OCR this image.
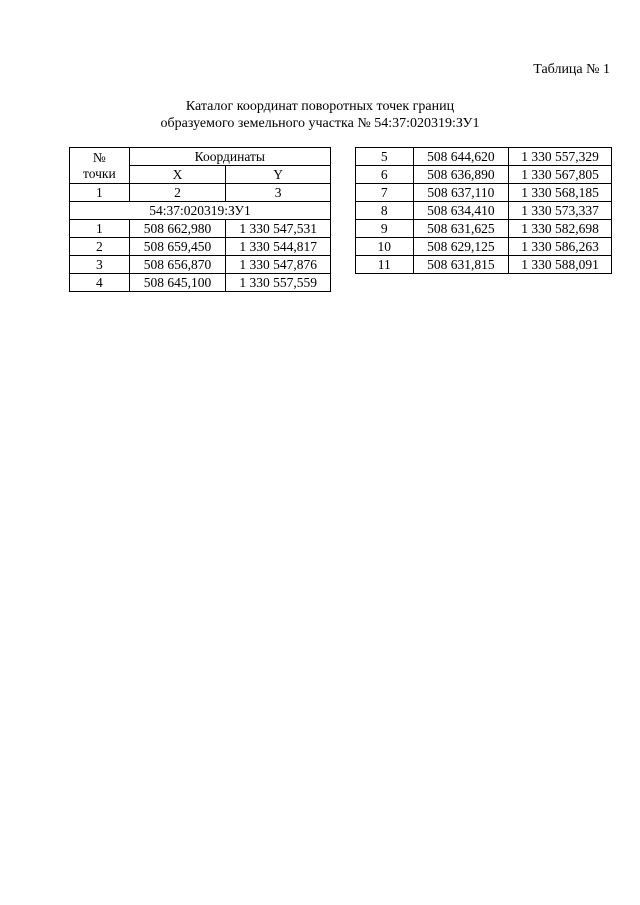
Таблица № 1
Каталог координат поворотных точек границ
образуемого земельного участка № 54:37:020319:ЗУ1
№
точки	Координаты	
	X	Y
1	2	3
54:37:020319:ЗУ1		
1	508 662,980	1 330 547,531
2	508 659,450	1 330 544,817
3	508 656,870	1 330 547,876
4	508 645,100	1 330 557,559
5	508 644,620	1 330 557,329
6	508 636,890	1 330 567,805
7	508 637,110	1 330 568,185
8	508 634,410	1 330 573,337
9	508 631,625	1 330 582,698
10	508 629,125	1 330 586,263
11	508 631,815	1 330 588,091
